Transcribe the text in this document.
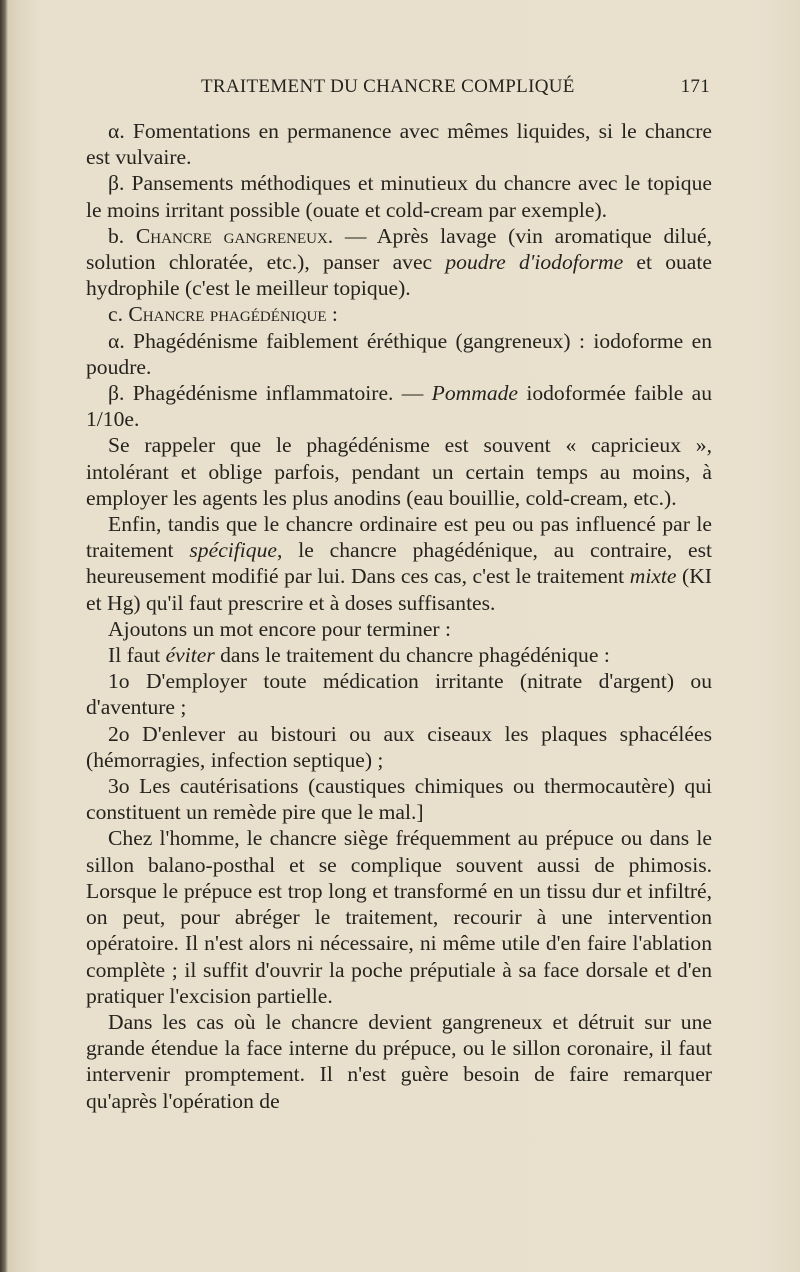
TRAITEMENT DU CHANCRE COMPLIQUÉ	171

α. Fomentations en permanence avec mêmes liquides, si le chancre est vulvaire.

β. Pansements méthodiques et minutieux du chancre avec le topique le moins irritant possible (ouate et cold-cream par exemple).

b. Chancre gangreneux. — Après lavage (vin aromatique dilué, solution chloratée, etc.), panser avec poudre d'iodoforme et ouate hydrophile (c'est le meilleur topique).

c. Chancre phagédénique :

α. Phagédénisme faiblement éréthique (gangreneux) : iodoforme en poudre.

β. Phagédénisme inflammatoire. — Pommade iodoformée faible au 1/10e.

Se rappeler que le phagédénisme est souvent « capricieux », intolérant et oblige parfois, pendant un certain temps au moins, à employer les agents les plus anodins (eau bouillie, cold-cream, etc.).

Enfin, tandis que le chancre ordinaire est peu ou pas influencé par le traitement spécifique, le chancre phagédénique, au contraire, est heureusement modifié par lui. Dans ces cas, c'est le traitement mixte (KI et Hg) qu'il faut prescrire et à doses suffisantes.

Ajoutons un mot encore pour terminer :

Il faut éviter dans le traitement du chancre phagédénique :

1o D'employer toute médication irritante (nitrate d'argent) ou d'aventure ;

2o D'enlever au bistouri ou aux ciseaux les plaques sphacélées (hémorragies, infection septique) ;

3o Les cautérisations (caustiques chimiques ou thermocautère) qui constituent un remède pire que le mal.]

Chez l'homme, le chancre siège fréquemment au prépuce ou dans le sillon balano-posthal et se complique souvent aussi de phimosis. Lorsque le prépuce est trop long et transformé en un tissu dur et infiltré, on peut, pour abréger le traitement, recourir à une intervention opératoire. Il n'est alors ni nécessaire, ni même utile d'en faire l'ablation complète ; il suffit d'ouvrir la poche préputiale à sa face dorsale et d'en pratiquer l'excision partielle.

Dans les cas où le chancre devient gangreneux et détruit sur une grande étendue la face interne du prépuce, ou le sillon coronaire, il faut intervenir promptement. Il n'est guère besoin de faire remarquer qu'après l'opération de
